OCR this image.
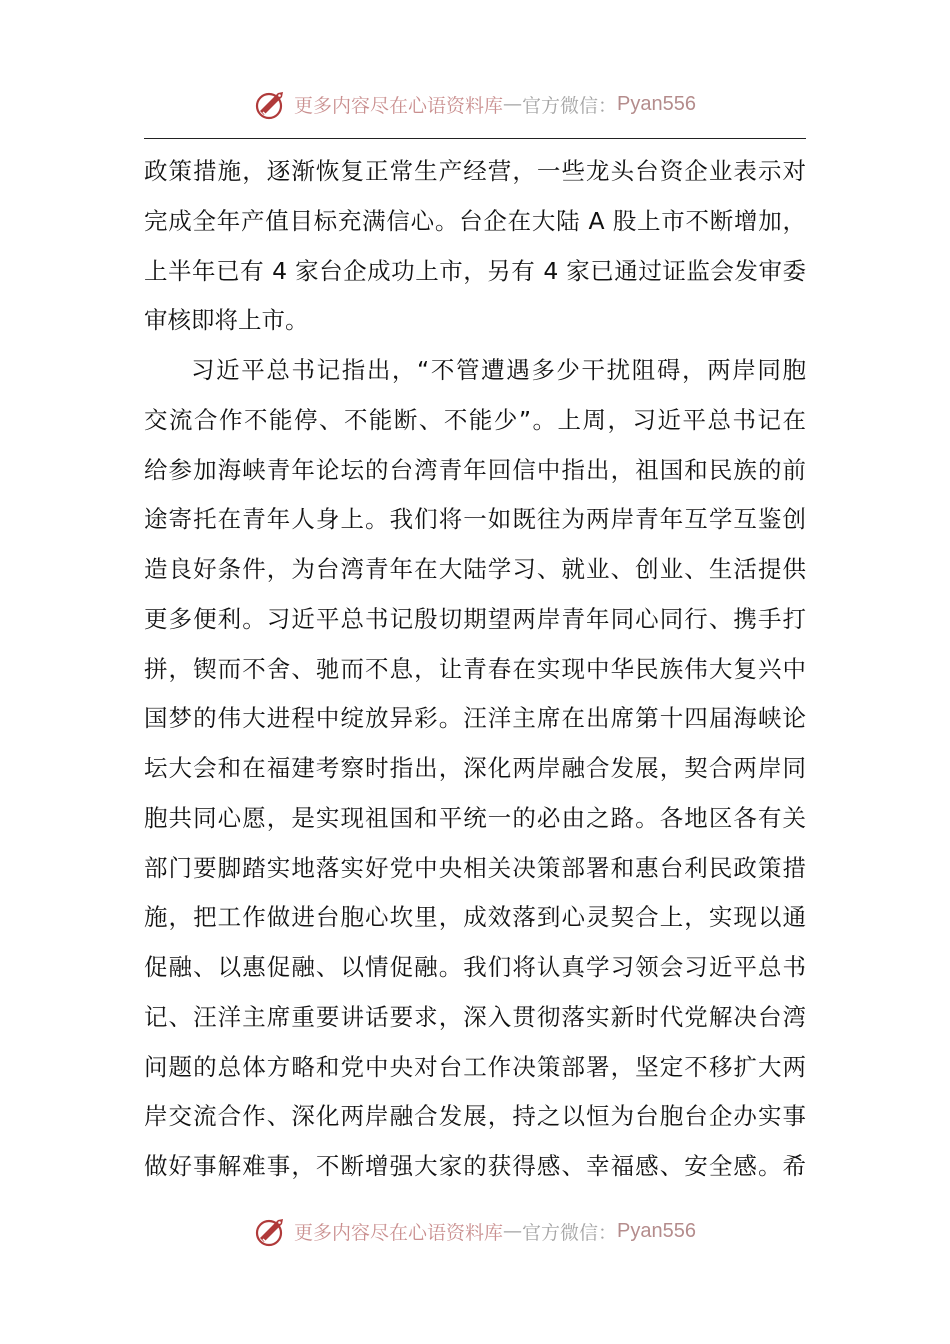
更多内容尽在心语资料库 — 官方微信： Pyan556
政策措施，逐渐恢复正常生产经营，一些龙头台资企业表示对
完成全年产值目标充满信心。台企在大陆 A 股上市不断增加，
上半年已有 4 家台企成功上市，另有 4 家已通过证监会发审委
审核即将上市。
习近平总书记指出，“不管遭遇多少干扰阻碍，两岸同胞
交流合作不能停、不能断、不能少”。上周，习近平总书记在
给参加海峡青年论坛的台湾青年回信中指出，祖国和民族的前
途寄托在青年人身上。我们将一如既往为两岸青年互学互鉴创
造良好条件，为台湾青年在大陆学习、就业、创业、生活提供
更多便利。习近平总书记殷切期望两岸青年同心同行、携手打
拼，锲而不舍、驰而不息，让青春在实现中华民族伟大复兴中
国梦的伟大进程中绽放异彩。汪洋主席在出席第十四届海峡论
坛大会和在福建考察时指出，深化两岸融合发展，契合两岸同
胞共同心愿，是实现祖国和平统一的必由之路。各地区各有关
部门要脚踏实地落实好党中央相关决策部署和惠台利民政策措
施，把工作做进台胞心坎里，成效落到心灵契合上，实现以通
促融、以惠促融、以情促融。我们将认真学习领会习近平总书
记、汪洋主席重要讲话要求，深入贯彻落实新时代党解决台湾
问题的总体方略和党中央对台工作决策部署，坚定不移扩大两
岸交流合作、深化两岸融合发展，持之以恒为台胞台企办实事
做好事解难事，不断增强大家的获得感、幸福感、安全感。希
更多内容尽在心语资料库 — 官方微信： Pyan556
